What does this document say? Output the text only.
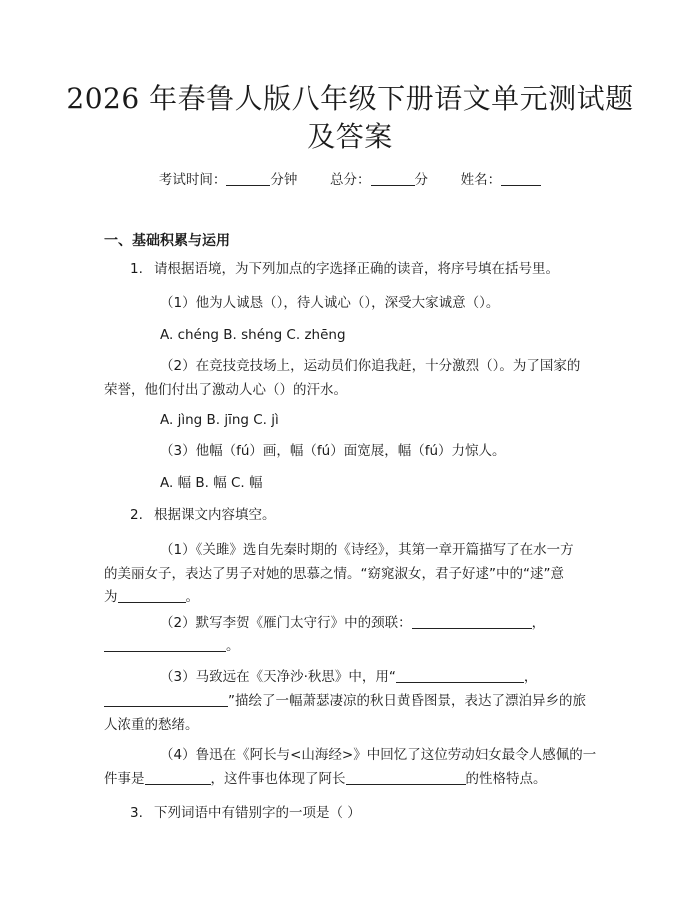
2026 年春鲁人版八年级下册语文单元测试题
及答案
考试时间：	分钟 总分：	分 姓名：
一、基础积累与运用
1. 请根据语境，为下列加点的字选择正确的读音，将序号填在括号里。
（1）他为人诚恳（），待人诚心（），深受大家诚意（）。
A. chéng B. shéng C. zhēng
（2）在竞技竞技场上，运动员们你追我赶，十分激烈（）。为了国家的
荣誉，他们付出了激动人心（）的汗水。
A. jìng B. jīng C. jì
（3）他幅（fú）画，幅（fú）面宽展，幅（fú）力惊人。
A. 幅 B. 幅 C. 幅
2. 根据课文内容填空。
（1）《关雎》选自先秦时期的《诗经》，其第一章开篇描写了在水一方
的美丽女子，表达了男子对她的思慕之情。“窈窕淑女，君子好逑”中的“逑”意
为	。
（2）默写李贺《雁门太守行》中的颈联：	，
。
（3）马致远在《天净沙·秋思》中，用“	，
”描绘了一幅萧瑟凄凉的秋日黄昏图景，表达了漂泊异乡的旅
人浓重的愁绪。
（4）鲁迅在《阿长与<山海经>》中回忆了这位劳动妇女最令人感佩的一
件事是	，这件事也体现了阿长	的性格特点。
3. 下列词语中有错别字的一项是（ ）
